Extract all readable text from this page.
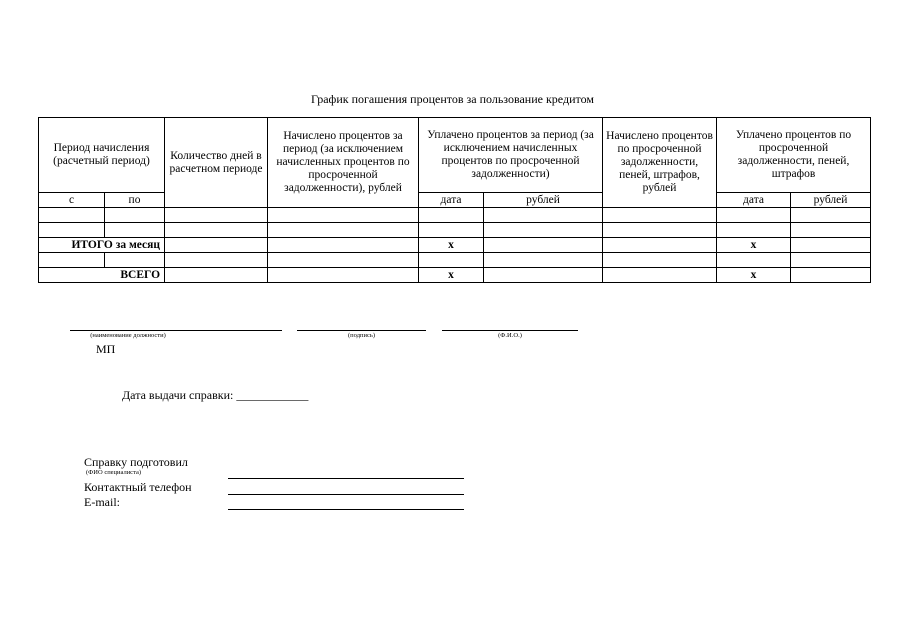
График погашения процентов за пользование кредитом
Период начисления (расчетный период)		Количество дней в расчетном периоде	Начислено процентов за период (за исключением начисленных процентов по просроченной задолженности), рублей	Уплачено процентов за период (за исключением начисленных процентов по просроченной задолженности)		Начислено процентов по просроченной задолженности, пеней, штрафов, рублей	Уплачено процентов по просроченной задолженности, пеней, штрафов	
с	по			дата	рублей		дата	рублей

ИТОГО за месяц				х			х	

ВСЕГО				х			х	
(наименование должности)	(подпись)	(Ф.И.О.)
МП
Дата выдачи справки: ____________
Справку подготовил
(ФИО специалиста)
Контактный телефон
E-mail:
